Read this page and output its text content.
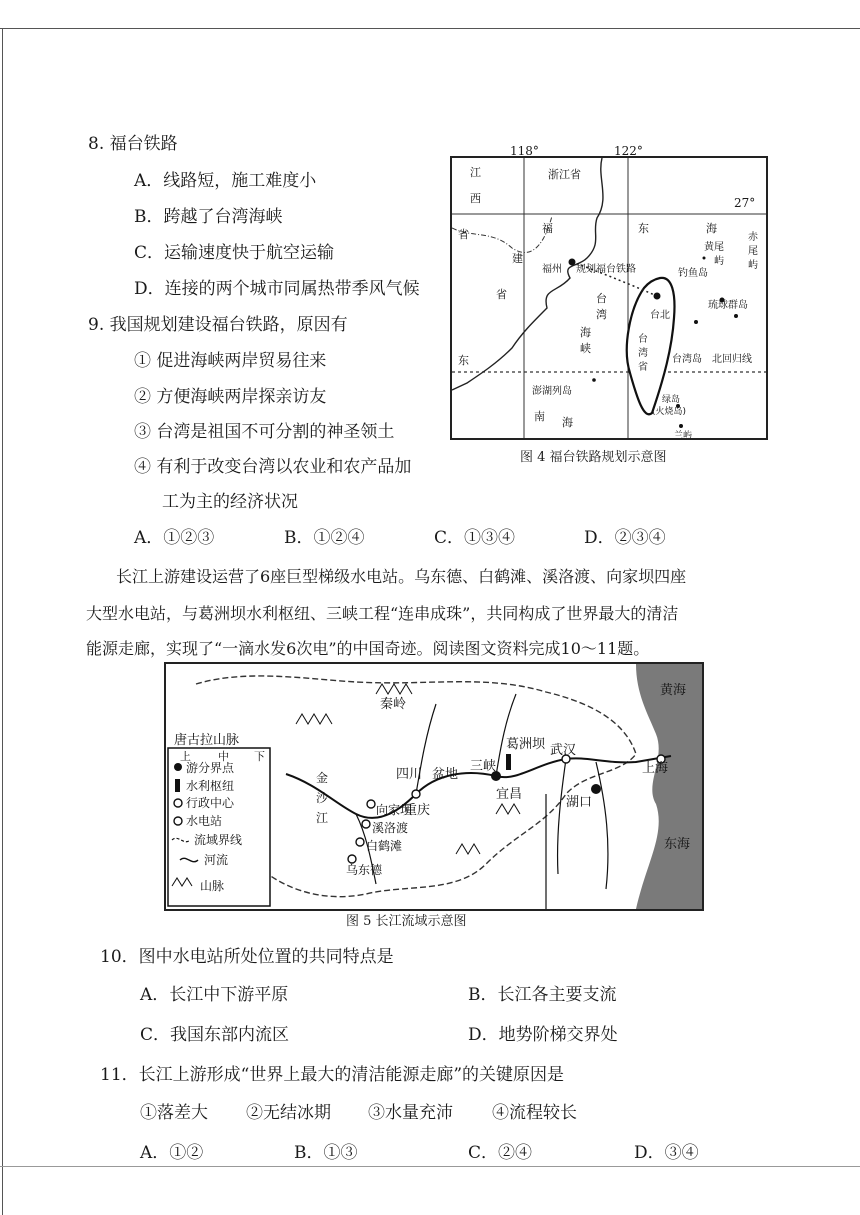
8. 福台铁路
A．线路短，施工难度小
B．跨越了台湾海峡
C．运输速度快于航空运输
D．连接的两个城市同属热带季风气候
9. 我国规划建设福台铁路，原因有
① 促进海峡两岸贸易往来
② 方便海峡两岸探亲访友
③ 台湾是祖国不可分割的神圣领土
④ 有利于改变台湾以农业和农产品加
工为主的经济状况
A．①②③	B．①②④	C．①③④	D．②③④
江
西
浙江省
福
建
省
省	东	海
福州 规划福台铁路
台
湾
海
峡
台北
台
湾
省
黄尾
屿
赤
尾
屿
钓鱼岛
琉球群岛
东	台湾岛 北回归线
澎湖列岛
南 海
绿岛
(火烧岛)
兰屿
118°	122°
27°
图 4 福台铁路规划示意图
长江上游建设运营了6座巨型梯级水电站。乌东德、白鹤滩、溪洛渡、向家坝四座
大型水电站，与葛洲坝水利枢纽、三峡工程“连串成珠”，共同构成了世界最大的清洁
能源走廊，实现了“一滴水发6次电”的中国奇迹。阅读图文资料完成10～11题。
秦岭
黄海
唐古拉山脉
上 中 下
游分界点
水利枢纽
行政中心
水电站
流域界线
河流
山脉
四川 盆地
三峡
葛洲坝 武汉
上海
重庆
宜昌
湖口
向家坝
溪洛渡
白鹤滩
乌东德
金
沙
江
东海
图 5 长江流域示意图
10．图中水电站所处位置的共同特点是
A．长江中下游平原	B．长江各主要支流
C．我国东部内流区	D．地势阶梯交界处
11．长江上游形成“世界上最大的清洁能源走廊”的关键原因是
①落差大 ②无结冰期 ③水量充沛 ④流程较长
A．①②	B．①③	C．②④	D．③④
